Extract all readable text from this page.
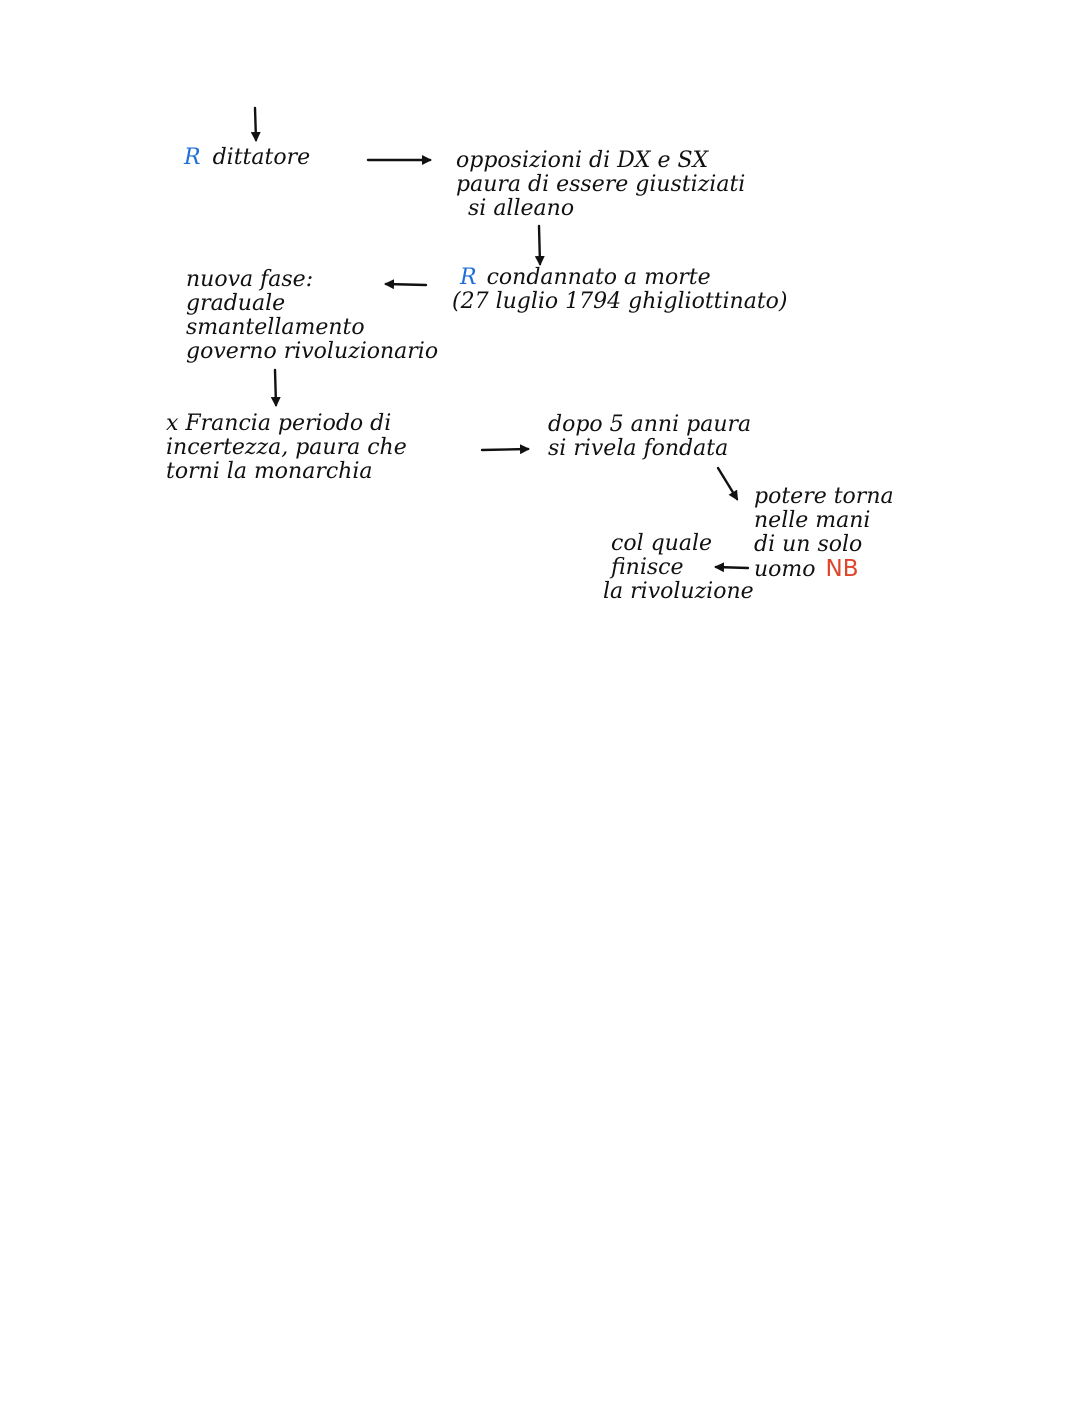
R dittatore	opposizioni di DX e SX
paura di essere giustiziati
si alleano
R condannato a morte
(27 luglio 1794 ghigliottinato)
nuova fase:
graduale
smantellamento
governo rivoluzionario
x Francia periodo di
incertezza, paura che
torni la monarchia
dopo 5 anni paura
si rivela fondata
potere torna
nelle mani
di un solo
uomo NB
col quale
finisce
la rivoluzione
